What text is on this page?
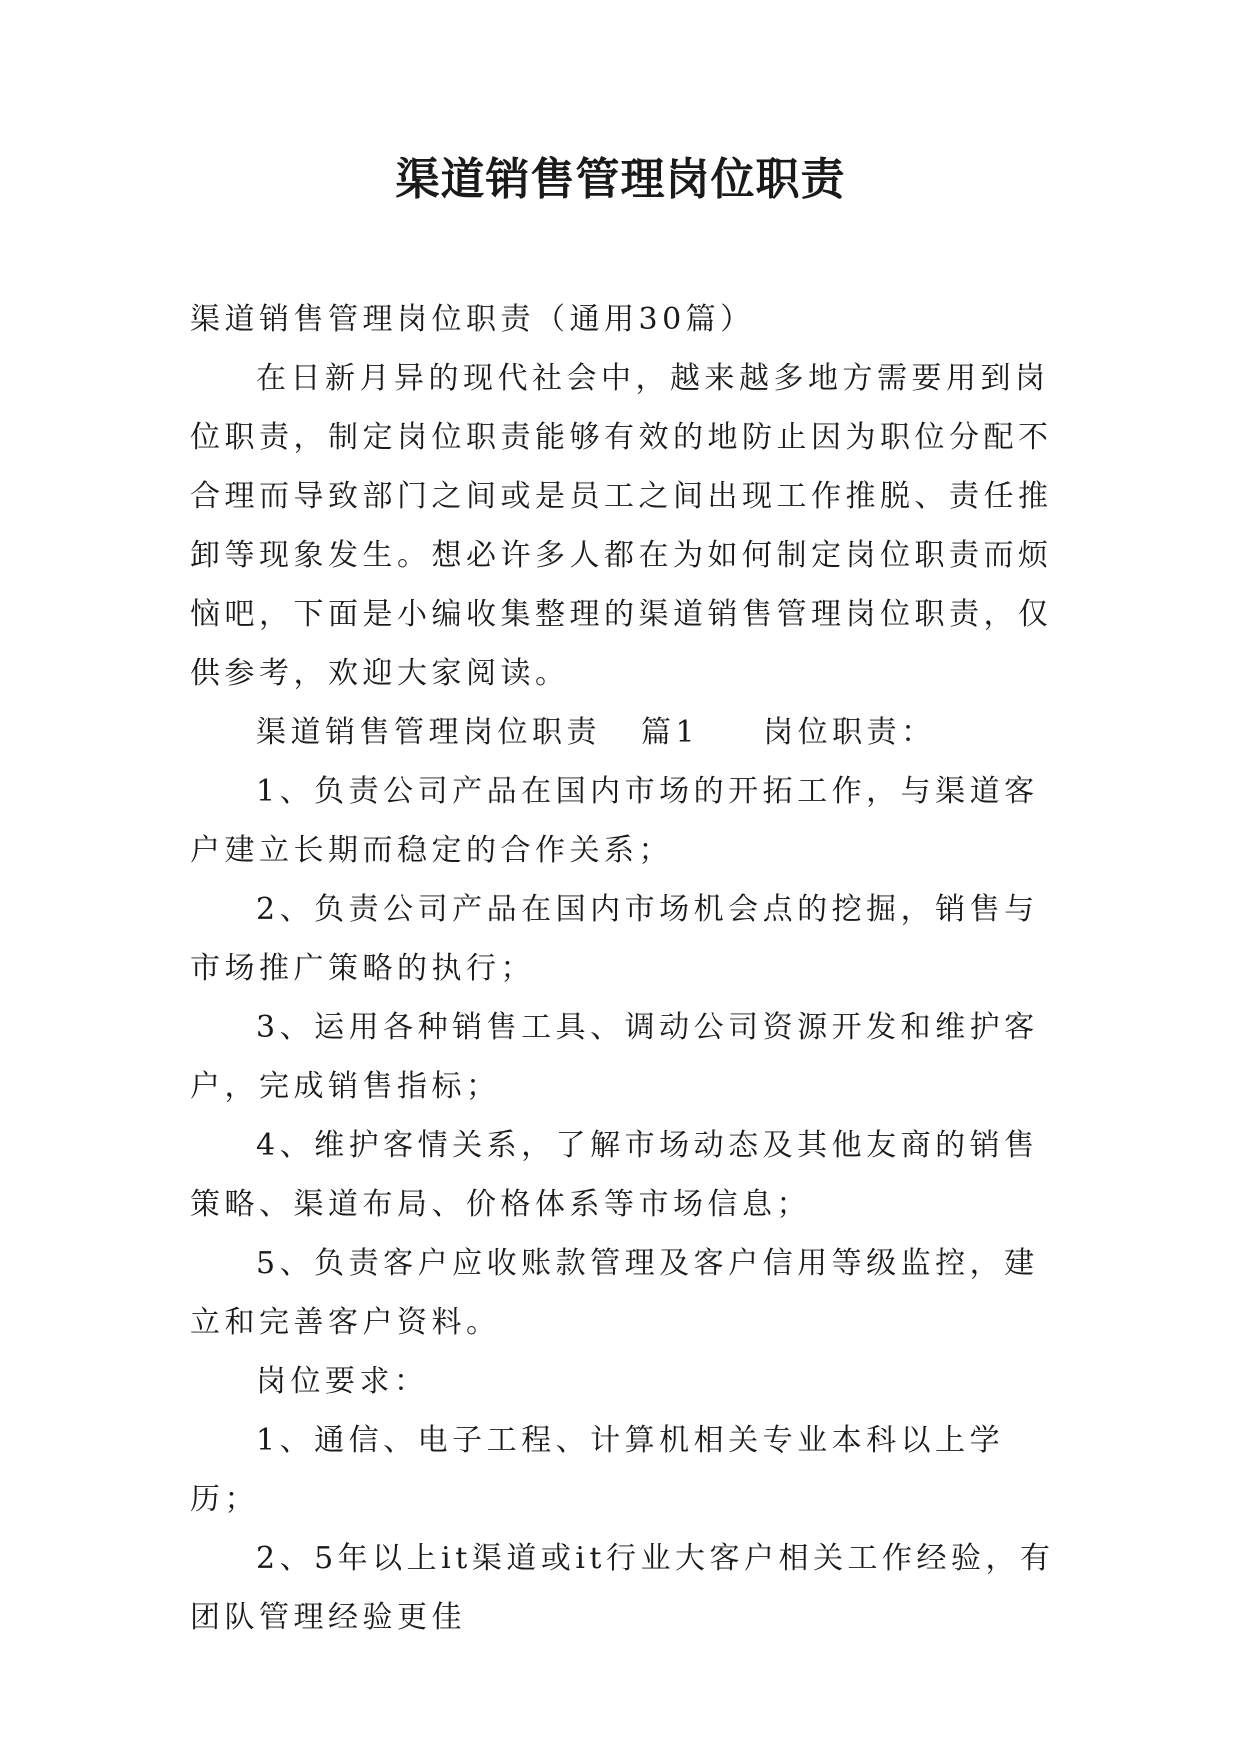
渠道销售管理岗位职责

渠道销售管理岗位职责（通用30篇）

在日新月异的现代社会中，越来越多地方需要用到岗位职责，制定岗位职责能够有效的地防止因为职位分配不合理而导致部门之间或是员工之间出现工作推脱、责任推卸等现象发生。想必许多人都在为如何制定岗位职责而烦恼吧，下面是小编收集整理的渠道销售管理岗位职责，仅供参考，欢迎大家阅读。

渠道销售管理岗位职责 篇1 岗位职责：

1、负责公司产品在国内市场的开拓工作，与渠道客户建立长期而稳定的合作关系；

2、负责公司产品在国内市场机会点的挖掘，销售与市场推广策略的执行；

3、运用各种销售工具、调动公司资源开发和维护客户，完成销售指标；

4、维护客情关系，了解市场动态及其他友商的销售策略、渠道布局、价格体系等市场信息；

5、负责客户应收账款管理及客户信用等级监控，建立和完善客户资料。

岗位要求：

1、通信、电子工程、计算机相关专业本科以上学历；

2、5年以上it渠道或it行业大客户相关工作经验，有团队管理经验更佳
